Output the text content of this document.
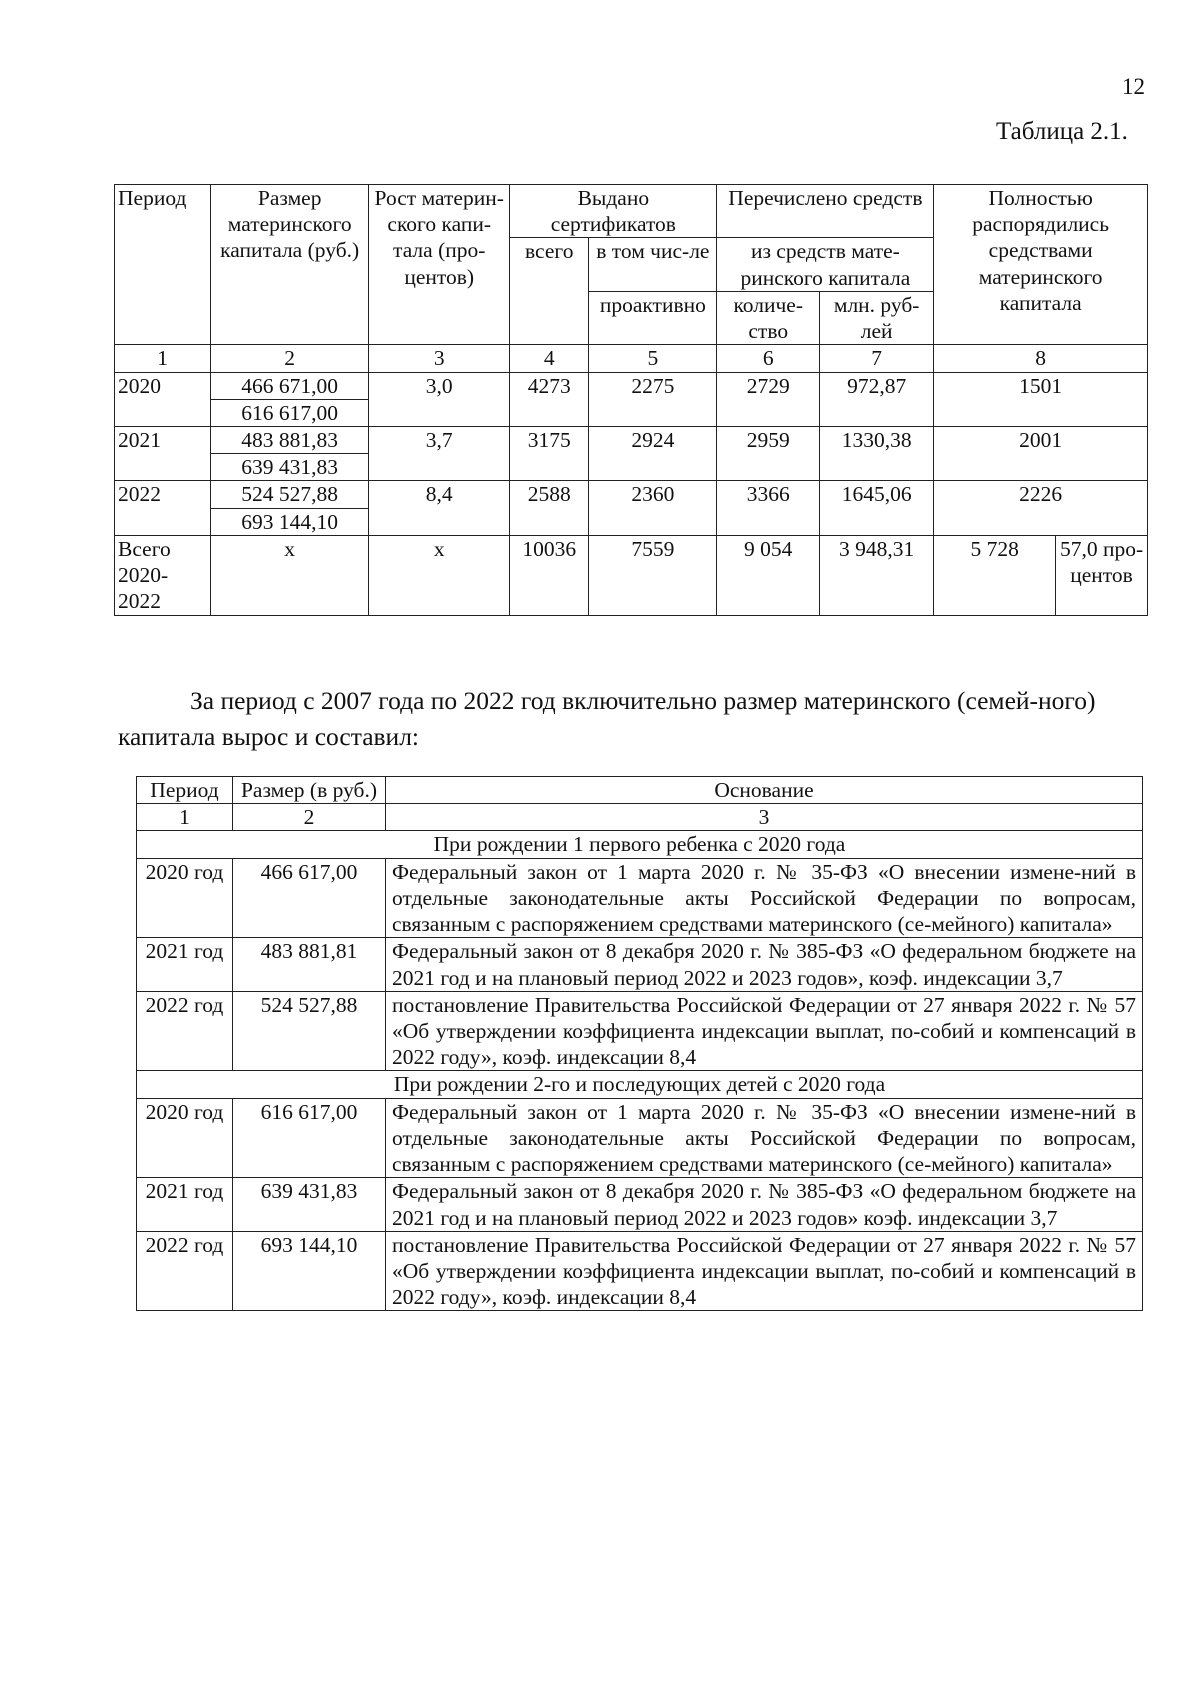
12
Таблица 2.1.
Период	Размер материнского капитала (руб.)	Рост материн-ского капи-тала (про-центов)	Выдано сертификатов		Перечислено средств		Полностью распорядились средствами материнского капитала	
			всего	в том чис-ле	из средств мате-ринского капитала			

				проактивно	количе-ство	млн. руб-лей		
1	2	3	4	5	6	7	8	
2020	466 671,00	3,0	4273	2275	2729	972,87	1501	
	616 617,00							
2021	483 881,83	3,7	3175	2924	2959	1330,38	2001	
	639 431,83							
2022	524 527,88	8,4	2588	2360	3366	1645,06	2226	
	693 144,10							
Всего 2020-2022	х	х	10036	7559	9 054	3 948,31	5 728	57,0 про-центов
За период с 2007 года по 2022 год включительно размер материнского (семей-ного) капитала вырос и составил:
Период	Размер (в руб.)	Основание
1	2	3
При рождении 1 первого ребенка с 2020 года		
2020 год	466 617,00	Федеральный закон от 1 марта 2020 г. № 35-ФЗ «О внесении измене-ний в отдельные законодательные акты Российской Федерации по вопросам, связанным с распоряжением средствами материнского (се-мейного) капитала»
2021 год	483 881,81	Федеральный закон от 8 декабря 2020 г. № 385-ФЗ «О федеральном бюджете на 2021 год и на плановый период 2022 и 2023 годов», коэф. индексации 3,7
2022 год	524 527,88	постановление Правительства Российской Федерации от 27 января 2022 г. № 57 «Об утверждении коэффициента индексации выплат, по-собий и компенсаций в 2022 году», коэф. индексации 8,4
При рождении 2-го и последующих детей с 2020 года		
2020 год	616 617,00	Федеральный закон от 1 марта 2020 г. № 35-ФЗ «О внесении измене-ний в отдельные законодательные акты Российской Федерации по вопросам, связанным с распоряжением средствами материнского (се-мейного) капитала»
2021 год	639 431,83	Федеральный закон от 8 декабря 2020 г. № 385-ФЗ «О федеральном бюджете на 2021 год и на плановый период 2022 и 2023 годов» коэф. индексации 3,7
2022 год	693 144,10	постановление Правительства Российской Федерации от 27 января 2022 г. № 57 «Об утверждении коэффициента индексации выплат, по-собий и компенсаций в 2022 году», коэф. индексации 8,4
